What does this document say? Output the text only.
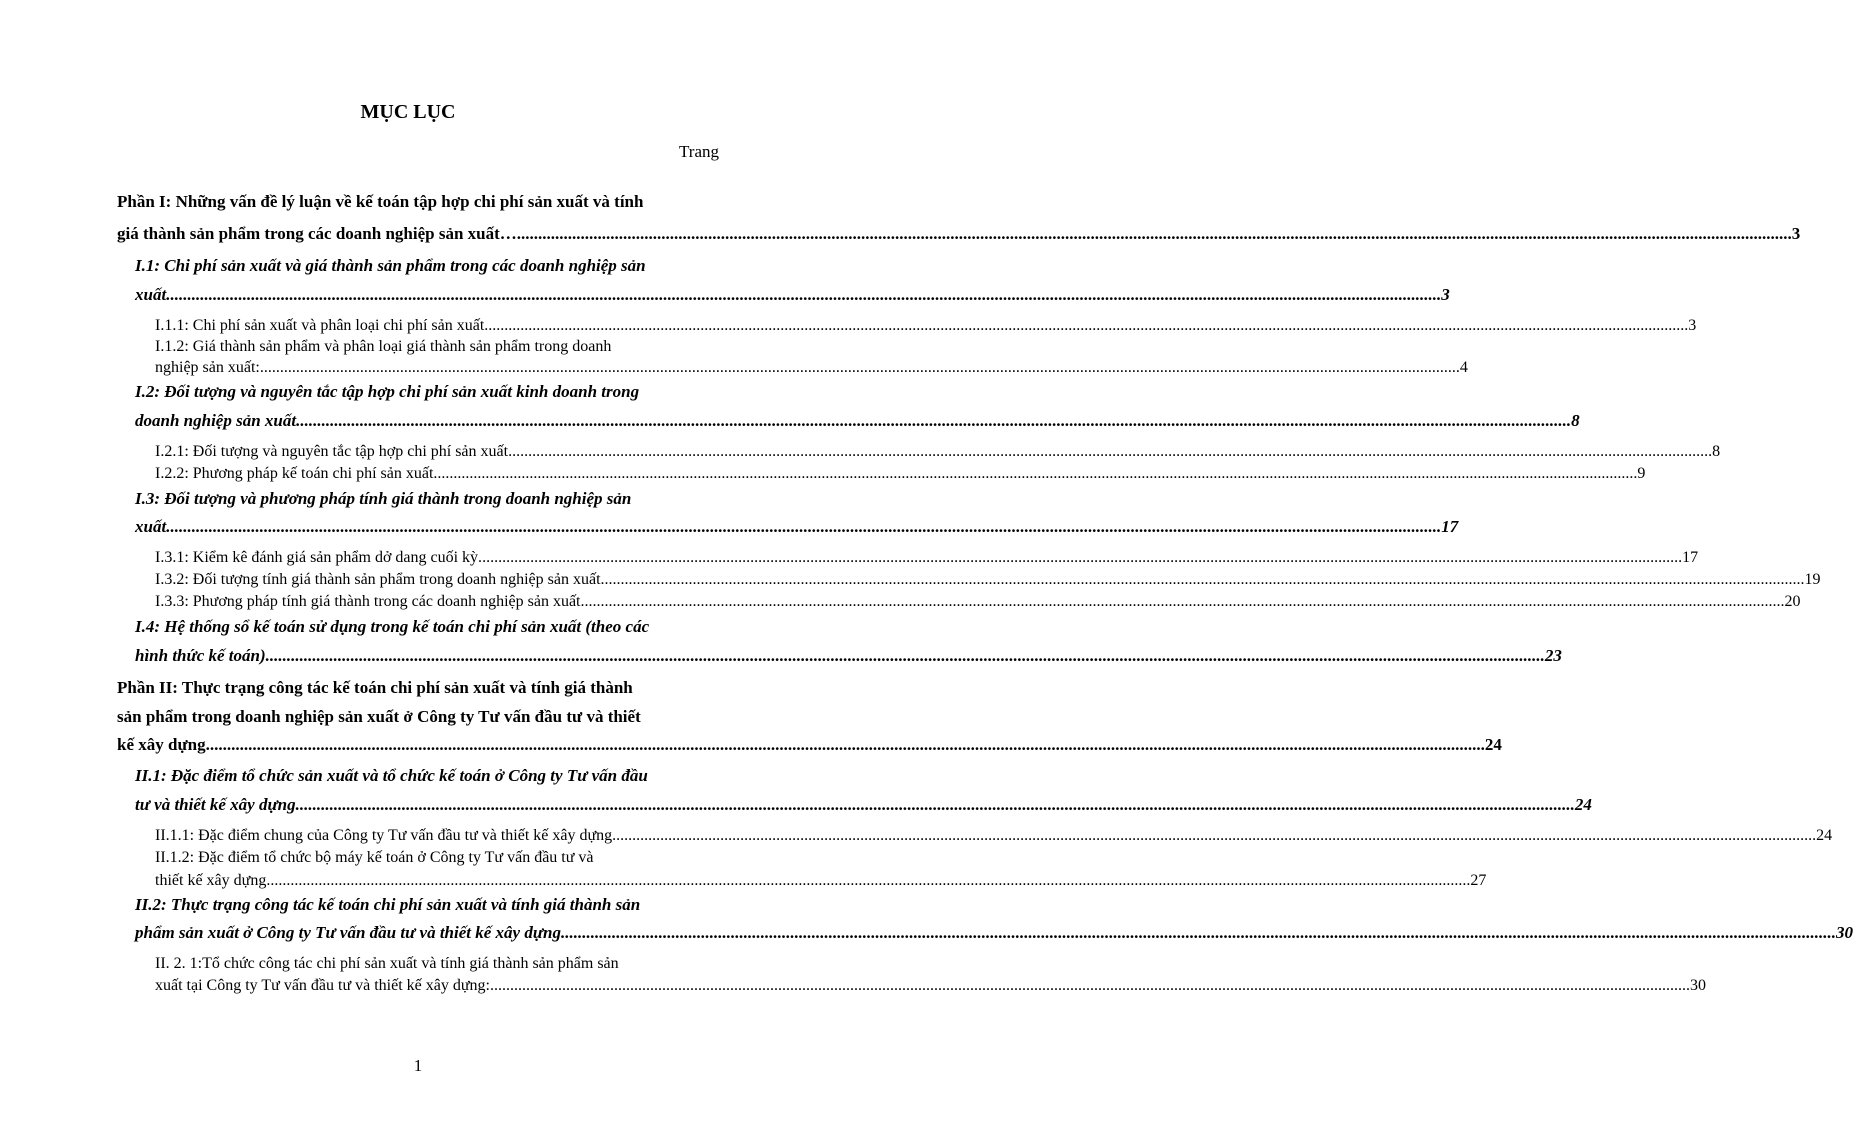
MỤC LỤC
Trang
Phần I: Những vấn đề lý luận về kế toán tập hợp chi phí sản xuất và tính
giá thành sản phẩm trong các doanh nghiệp sản xuất… ............................................................................................................................................................................................................................................................................................................ 3
I.1: Chi phí sản xuất và giá thành sản phẩm trong các doanh nghiệp sản
xuất ............................................................................................................................................................................................................................................................................................................ 3
I.1.1: Chi phí sản xuất và phân loại chi phí sản xuất. ............................................................................................................................................................................................................................................................................................................ 3
I.1.2: Giá thành sản phẩm và phân loại giá thành sản phẩm trong doanh
nghiệp sản xuất: ............................................................................................................................................................................................................................................................................................................ 4
I.2: Đối tượng và nguyên tắc tập hợp chi phí sản xuất kinh doanh trong
doanh nghiệp sản xuất ............................................................................................................................................................................................................................................................................................................ 8
I.2.1: Đối tượng và nguyên tắc tập hợp chi phí sản xuất. ............................................................................................................................................................................................................................................................................................................ 8
I.2.2: Phương pháp kế toán chi phí sản xuất. ............................................................................................................................................................................................................................................................................................................ 9
I.3: Đối tượng và phương pháp tính giá thành trong doanh nghiệp sản
xuất ............................................................................................................................................................................................................................................................................................................ 17
I.3.1: Kiểm kê đánh giá sản phẩm dở dang cuối kỳ. ............................................................................................................................................................................................................................................................................................................ 17
I.3.2: Đối tượng tính giá thành sản phẩm trong doanh nghiệp sản xuất. ............................................................................................................................................................................................................................................................................................................ 19
I.3.3: Phương pháp tính giá thành trong các doanh nghiệp sản xuất. ............................................................................................................................................................................................................................................................................................................ 20
I.4: Hệ thống sổ kế toán sử dụng trong kế toán chi phí sản xuất (theo các
hình thức kế toán). ............................................................................................................................................................................................................................................................................................................ 23
Phần II: Thực trạng công tác kế toán chi phí sản xuất và tính giá thành
sản phẩm trong doanh nghiệp sản xuất ở Công ty Tư vấn đầu tư và thiết
kế xây dựng. ............................................................................................................................................................................................................................................................................................................ 24
II.1: Đặc điểm tổ chức sản xuất và tổ chức kế toán ở Công ty Tư vấn đầu
tư và thiết kế xây dựng. ............................................................................................................................................................................................................................................................................................................ 24
II.1.1: Đặc điểm chung của Công ty Tư vấn đầu tư và thiết kế xây dựng. ............................................................................................................................................................................................................................................................................................................ 24
II.1.2: Đặc điểm tổ chức bộ máy kế toán ở Công ty Tư vấn đầu tư và
thiết kế xây dựng. ............................................................................................................................................................................................................................................................................................................ 27
II.2: Thực trạng công tác kế toán chi phí sản xuất và tính giá thành sản
phẩm sản xuất ở Công ty Tư vấn đầu tư và thiết kế xây dựng ............................................................................................................................................................................................................................................................................................................ 30
II. 2. 1:Tổ chức công tác chi phí sản xuất và tính giá thành sản phẩm sản
xuất tại Công ty Tư vấn đầu tư và thiết kế xây dựng: ............................................................................................................................................................................................................................................................................................................ 30
1
